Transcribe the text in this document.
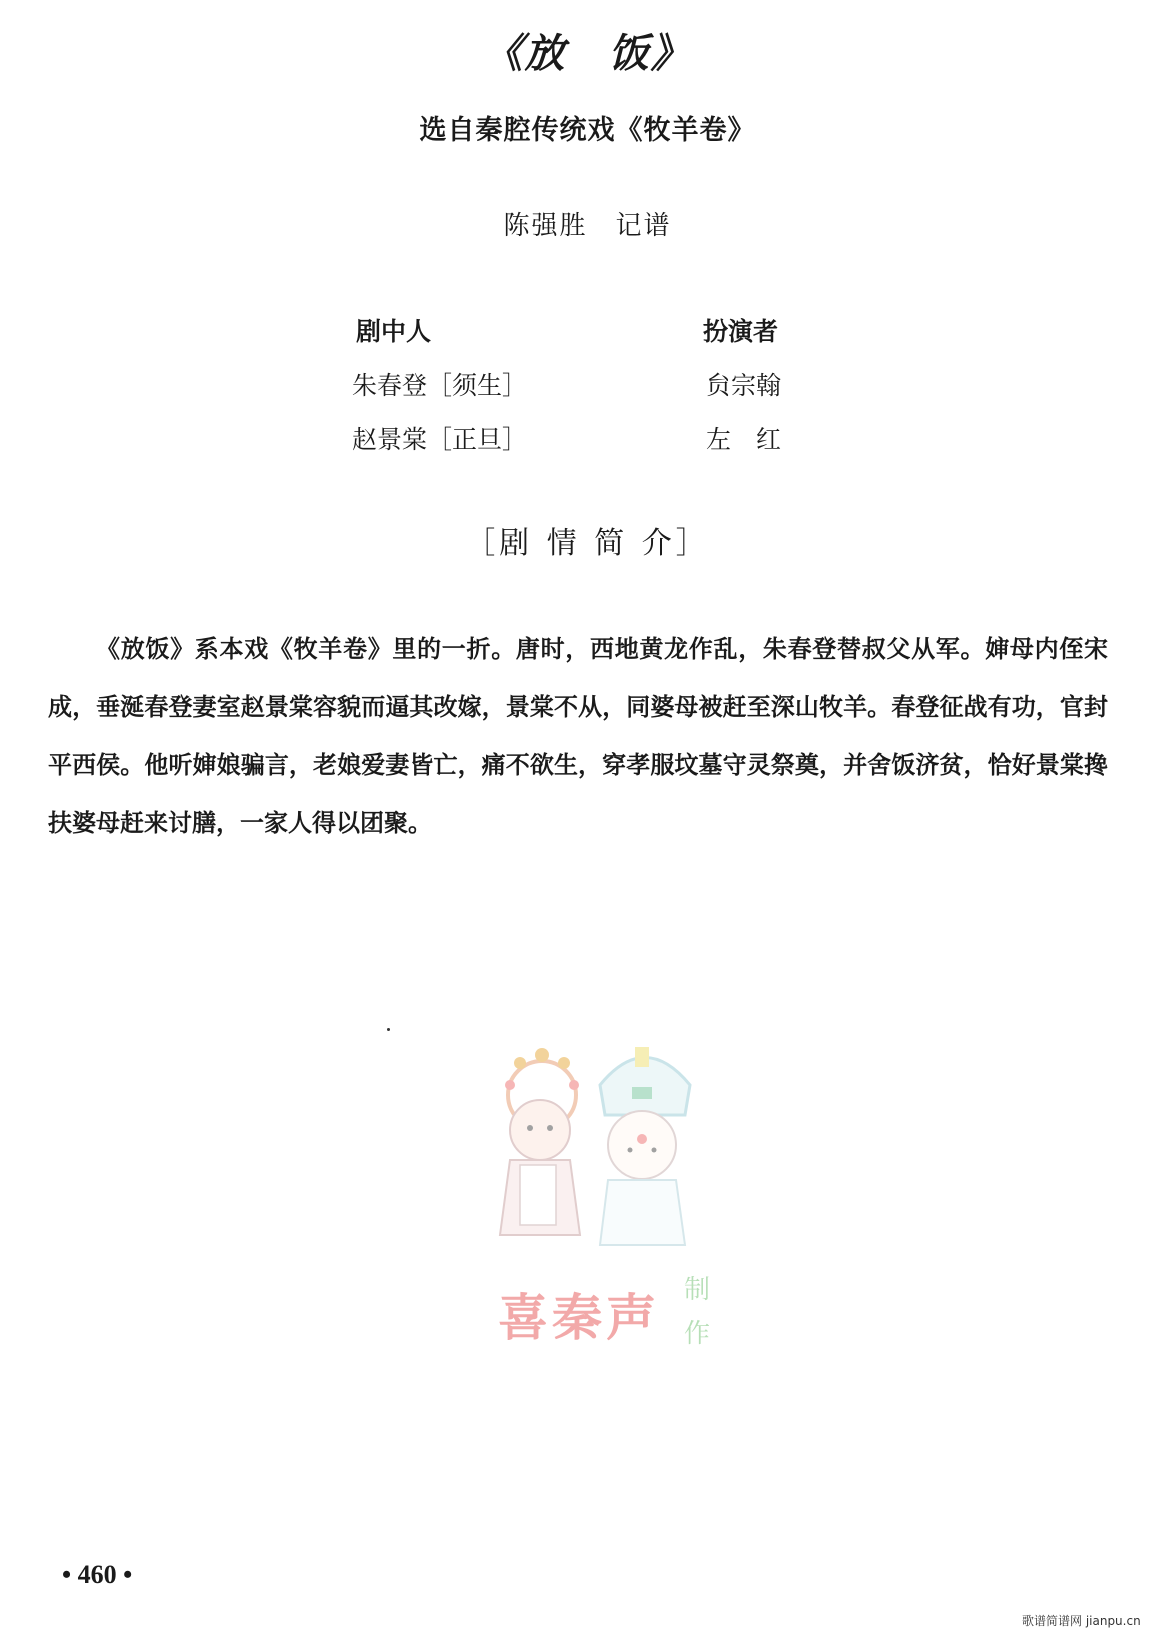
《放　饭》
选自秦腔传统戏《牧羊卷》
陈强胜　记谱
剧中人	扮演者
朱春登［须生］	贠宗翰
赵景棠［正旦］	左　红
［剧 情 简 介］
《放饭》系本戏《牧羊卷》里的一折。唐时，西地黄龙作乱，朱春登替叔父从军。婶母内侄宋成，垂涎春登妻室赵景棠容貌而逼其改嫁，景棠不从，同婆母被赶至深山牧羊。春登征战有功，官封平西侯。他听婶娘骗言，老娘爱妻皆亡，痛不欲生，穿孝服坟墓守灵祭奠，并舍饭济贫，恰好景棠搀扶婆母赶来讨膳，一家人得以团聚。
喜秦声 制作
• 460 •
歌谱简谱网 jianpu.cn
